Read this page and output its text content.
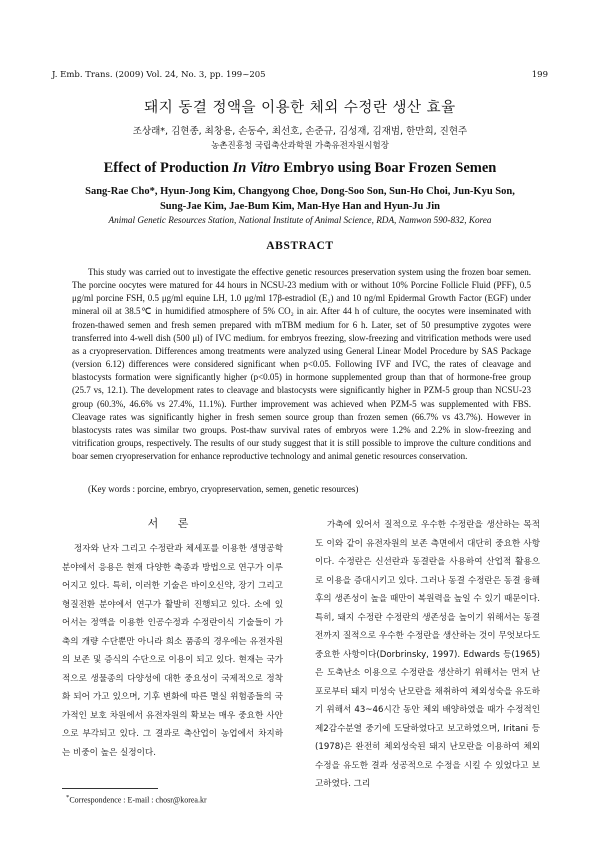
J. Emb. Trans. (2009) Vol. 24, No. 3, pp. 199~205	199
돼지 동결 정액을 이용한 체외 수정란 생산 효율
조상래*, 김현종, 최창용, 손동수, 최선호, 손준규, 김성재, 김재범, 한만희, 진현주
농촌진흥청 국립축산과학원 가축유전자원시험장
Effect of Production In Vitro Embryo using Boar Frozen Semen
Sang-Rae Cho*, Hyun-Jong Kim, Changyong Choe, Dong-Soo Son, Sun-Ho Choi, Jun-Kyu Son,
Sung-Jae Kim, Jae-Bum Kim, Man-Hye Han and Hyun-Ju Jin
Animal Genetic Resources Station, National Institute of Animal Science, RDA, Namwon 590-832, Korea
ABSTRACT

This study was carried out to investigate the effective genetic resources preservation system using the frozen boar semen. The porcine oocytes were matured for 44 hours in NCSU-23 medium with or without 10% Porcine Follicle Fluid (PFF), 0.5 μg/ml porcine FSH, 0.5 μg/ml equine LH, 1.0 μg/ml 17β-estradiol (E₂) and 10 ng/ml Epidermal Growth Factor (EGF) under mineral oil at 38.5℃ in humidified atmosphere of 5% CO₂ in air. After 44 h of culture, the oocytes were inseminated with frozen-thawed semen and fresh semen prepared with mTBM medium for 6 h. Later, set of 50 presumptive zygotes were transferred into 4-well dish (500 μl) of IVC medium. for embryos freezing, slow-freezing and vitrification methods were used as a cryopreservation. Differences among treatments were analyzed using General Linear Model Procedure by SAS Package (version 6.12) differences were considered significant when p<0.05. Following IVF and IVC, the rates of cleavage and blastocysts formation were significantly higher (p<0.05) in hormone supplemented group than that of hormone-free group (25.7 vs, 12.1). The development rates to cleavage and blastocysts were significantly higher in PZM-5 group than NCSU-23 group (60.3%, 46.6% vs 27.4%, 11.1%). Further improvement was achieved when PZM-5 was supplemented with FBS. Cleavage rates was significantly higher in fresh semen source group than frozen semen (66.7% vs 43.7%). However in blastocysts rates was similar two groups. Post-thaw survival rates of embryos were 1.2% and 2.2% in slow-freezing and vitrification groups, respectively. The results of our study suggest that it is still possible to improve the culture conditions and boar semen cryopreservation for enhance reproductive technology and animal genetic resources conservation.

(Key words : porcine, embryo, cryopreservation, semen, genetic resources)
서 론

정자와 난자 그리고 수정란과 체세포를 이용한 생명공학 분야에서 응용은 현재 다양한 축종과 방법으로 연구가 이루어지고 있다. 특히, 이러한 기술은 바이오신약, 장기 그리고 형질전환 분야에서 연구가 활발히 진행되고 있다. 소에 있어서는 정액을 이용한 인공수정과 수정란이식 기술들이 가축의 개량 수단뿐만 아니라 희소 품종의 경우에는 유전자원의 보존 및 증식의 수단으로 이용이 되고 있다. 현재는 국가적으로 생물종의 다양성에 대한 중요성이 국제적으로 정착화 되어 가고 있으며, 기후 변화에 따른 멸실 위험종들의 국가적인 보호 차원에서 유전자원의 확보는 매우 중요한 사안으로 부각되고 있다. 그 결과로 축산업이 농업에서 차지하는 비중이 높은 실정이다.

가축에 있어서 질적으로 우수한 수정란을 생산하는 목적도 이와 같이 유전자원의 보존 측면에서 대단히 중요한 사항이다. 수정란은 신선란과 동결란을 사용하여 산업적 활용으로 이용을 증대시키고 있다. 그러나 동결 수정란은 동결 융해 후의 생존성이 높을 때만이 복원력을 높일 수 있기 때문이다. 특히, 돼지 수정란 수정란의 생존성을 높이기 위해서는 동결 전까지 질적으로 우수한 수정란을 생산하는 것이 무엇보다도 중요한 사항이다(Dorbrinsky, 1997). Edwards 등(1965)은 도축난소 이용으로 수정란을 생산하기 위해서는 먼저 난포로부터 돼지 미성숙 난모란을 채취하여 체외성숙을 유도하기 위해서 43~46시간 동안 체외 배양하였을 때가 수정적인 제2감수분열 중기에 도달하였다고 보고하였으며, Iritani 등(1978)은 완전히 체외성숙된 돼지 난모란을 이용하여 체외수정을 유도한 결과 성공적으로 수정을 시킬 수 있었다고 보고하였다. 그리

*Correspondence : E-mail : chosr@korea.kr
